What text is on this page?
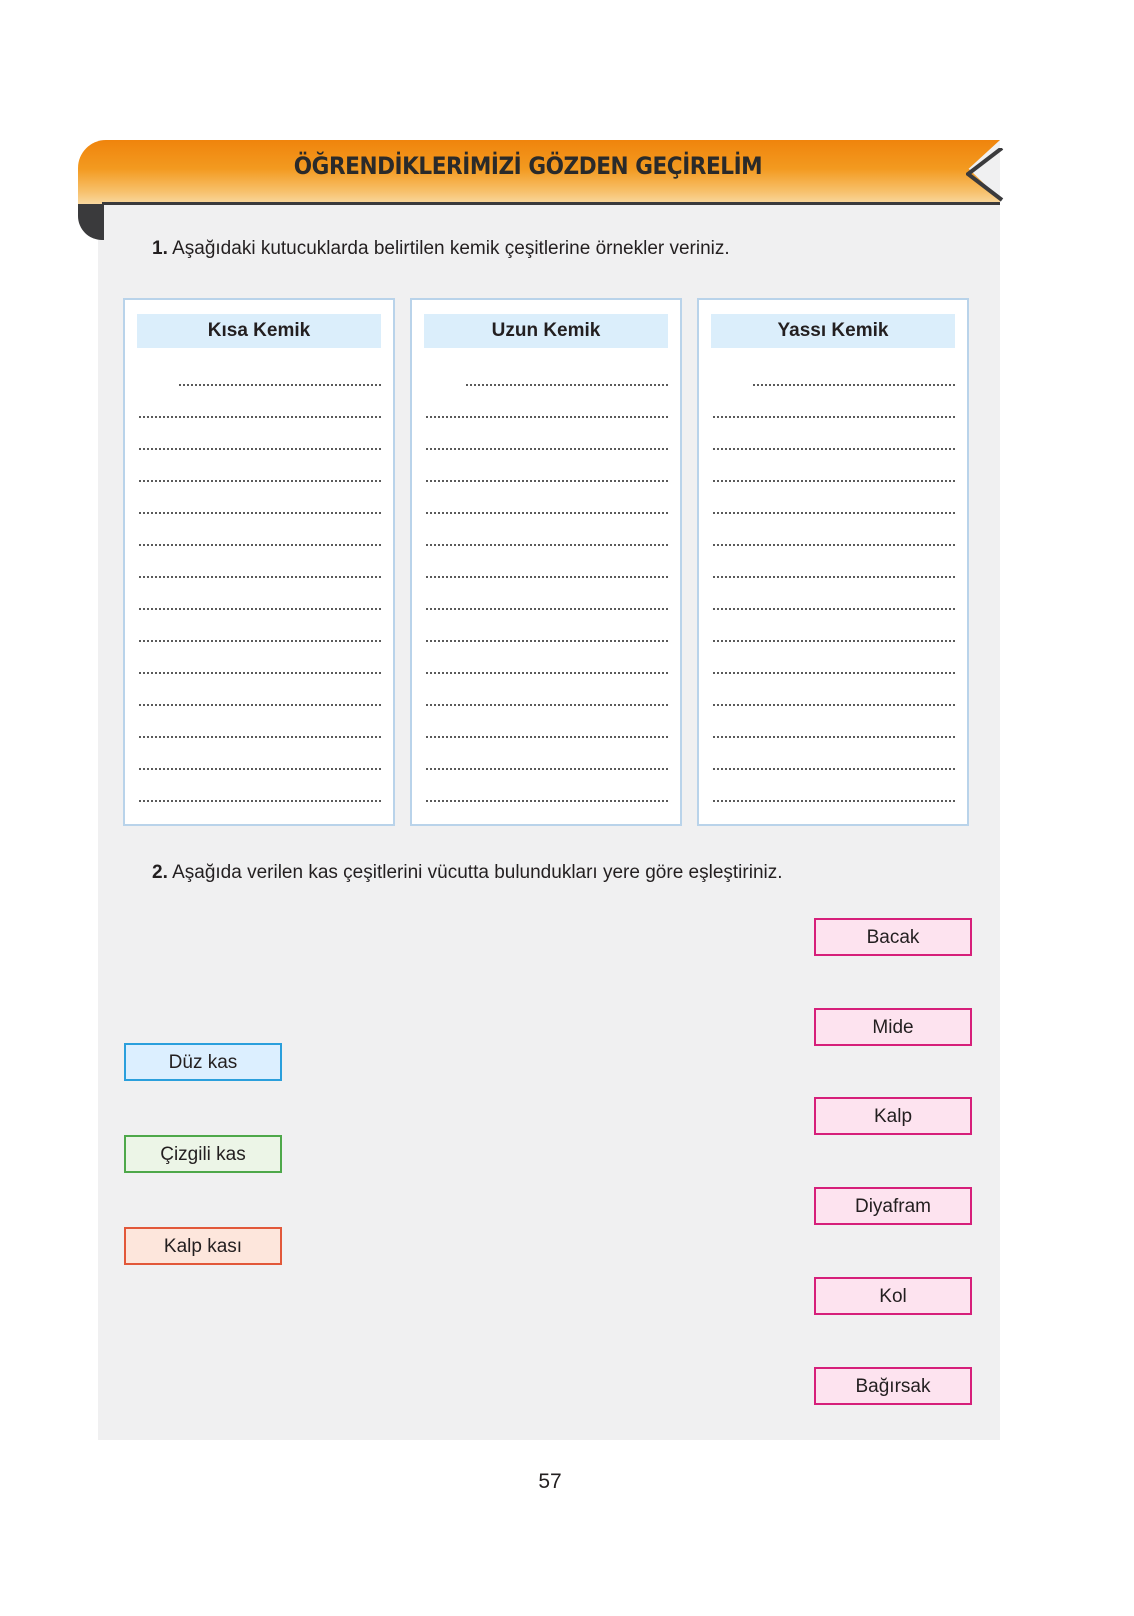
ÖĞRENDİKLERİMİZİ GÖZDEN GEÇİRELİM
1. Aşağıdaki kutucuklarda belirtilen kemik çeşitlerine örnekler veriniz.
Kısa Kemik	Uzun Kemik	Yassı Kemik
2. Aşağıda verilen kas çeşitlerini vücutta bulundukları yere göre eşleştiriniz.
Düz kas
Çizgili kas
Kalp kası
Bacak
Mide
Kalp
Diyafram
Kol
Bağırsak
57
